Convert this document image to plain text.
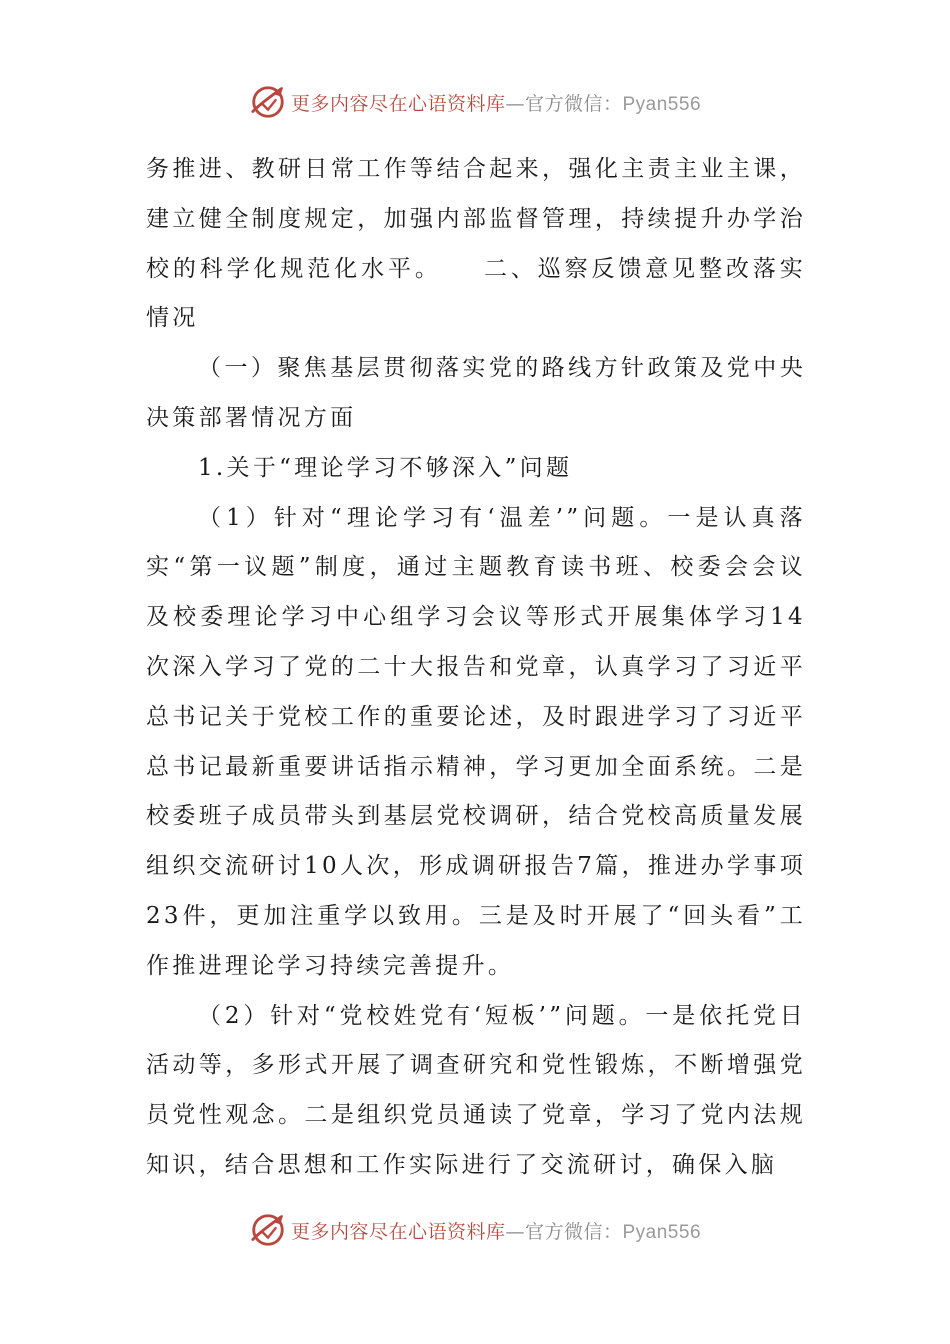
更多内容尽在心语资料库—官方微信：Pyan556

务推进、教研日常工作等结合起来，强化主责主业主课，建立健全制度规定，加强内部监督管理，持续提升办学治校的科学化规范化水平。　　二、巡察反馈意见整改落实情况

（一）聚焦基层贯彻落实党的路线方针政策及党中央决策部署情况方面

1.关于“理论学习不够深入”问题

（1）针对“理论学习有‘温差’”问题。一是认真落实“第一议题”制度，通过主题教育读书班、校委会会议及校委理论学习中心组学习会议等形式开展集体学习14次深入学习了党的二十大报告和党章，认真学习了习近平总书记关于党校工作的重要论述，及时跟进学习了习近平总书记最新重要讲话指示精神，学习更加全面系统。二是校委班子成员带头到基层党校调研，结合党校高质量发展组织交流研讨10人次，形成调研报告7篇，推进办学事项23件，更加注重学以致用。三是及时开展了“回头看”工作推进理论学习持续完善提升。

（2）针对“党校姓党有‘短板’”问题。一是依托党日活动等，多形式开展了调查研究和党性锻炼，不断增强党员党性观念。二是组织党员通读了党章，学习了党内法规知识，结合思想和工作实际进行了交流研讨，确保入脑

更多内容尽在心语资料库—官方微信：Pyan556
